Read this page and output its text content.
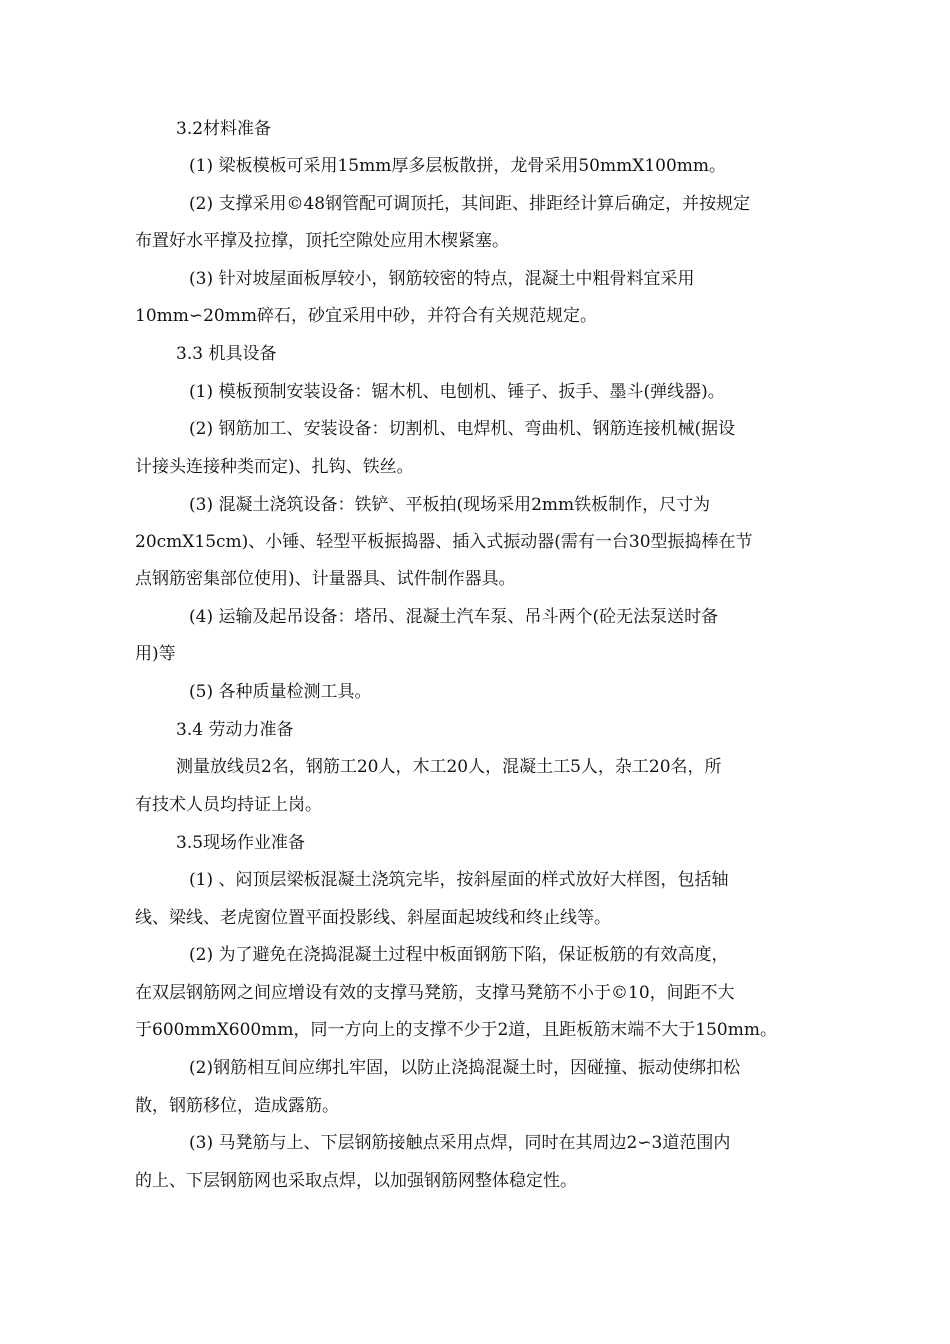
3.2材料准备
(1) 梁板模板可采用15mm厚多层板散拼，龙骨采用50mmX100mm。
(2) 支撑采用©48钢管配可调顶托，其间距、排距经计算后确定，并按规定
布置好水平撑及拉撑，顶托空隙处应用木楔紧塞。
(3) 针对坡屋面板厚较小，钢筋较密的特点，混凝土中粗骨料宜采用
10mm∽20mm碎石，砂宜采用中砂，并符合有关规范规定。
3.3 机具设备
(1) 模板预制安装设备：锯木机、电刨机、锤子、扳手、墨斗(弹线器)。
(2) 钢筋加工、安装设备：切割机、电焊机、弯曲机、钢筋连接机械(据设
计接头连接种类而定)、扎钩、铁丝。
(3) 混凝土浇筑设备：铁铲、平板拍(现场采用2mm铁板制作，尺寸为
20cmX15cm)、小锤、轻型平板振捣器、插入式振动器(需有一台30型振捣棒在节
点钢筋密集部位使用)、计量器具、试件制作器具。
(4) 运输及起吊设备：塔吊、混凝土汽车泵、吊斗两个(砼无法泵送时备
用)等
(5) 各种质量检测工具。
3.4 劳动力准备
测量放线员2名，钢筋工20人，木工20人，混凝土工5人，杂工20名，所
有技术人员均持证上岗。
3.5现场作业准备
(1) 、闷顶层梁板混凝土浇筑完毕，按斜屋面的样式放好大样图，包括轴
线、梁线、老虎窗位置平面投影线、斜屋面起坡线和终止线等。
(2) 为了避免在浇捣混凝土过程中板面钢筋下陷，保证板筋的有效高度，
在双层钢筋网之间应增设有效的支撑马凳筋，支撑马凳筋不小于©10，间距不大
于600mmX600mm，同一方向上的支撑不少于2道，且距板筋末端不大于150mm。
(2)钢筋相互间应绑扎牢固，以防止浇捣混凝土时，因碰撞、振动使绑扣松
散，钢筋移位，造成露筋。
(3) 马凳筋与上、下层钢筋接触点采用点焊，同时在其周边2∽3道范围内
的上、下层钢筋网也采取点焊，以加强钢筋网整体稳定性。
